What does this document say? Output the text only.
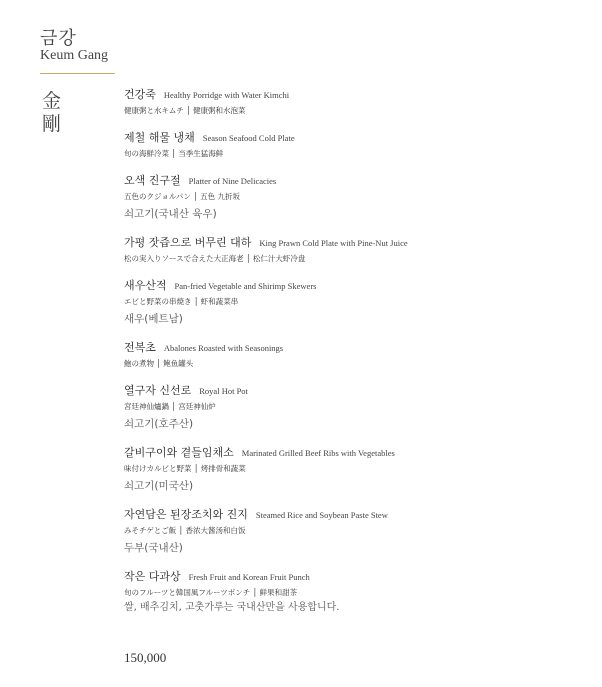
금강
Keum Gang
金剛
건강죽 Healthy Porridge with Water Kimchi
健康粥と水キムチ │ 健康粥和水泡菜
제철 해물 냉채 Season Seafood Cold Plate
旬の海鮮冷菜 │ 当季生猛海鲜
오색 진구절 Platter of Nine Delicacies
五色のクジョルパン │ 五色 九折坂
쇠고기(국내산 육우)
가평 잣즙으로 버무린 대하 King Prawn Cold Plate with Pine-Nut Juice
松の実入りソースで合えた大正海老 │ 松仁汁大虾冷盘
새우산적 Pan-fried Vegetable and Shirimp Skewers
エビと野菜の串焼き │ 虾和蔬菜串
새우(베트남)
전복초 Abalones Roasted with Seasonings
鮑の煮物 │ 鲍鱼罐头
열구자 신선로 Royal Hot Pot
宮廷神仙爐鍋 │ 宫廷神仙炉
쇠고기(호주산)
갈비구이와 곁들임채소 Marinated Grilled Beef Ribs with Vegetables
味付けカルビと野菜 │ 烤排骨和蔬菜
쇠고기(미국산)
자연담은 된장조치와 진지 Steamed Rice and Soybean Paste Stew
みそチゲとご飯 │ 香浓大酱汤和白饭
두부(국내산)
작은 다과상 Fresh Fruit and Korean Fruit Punch
旬のフルーツと韓国風フルーツポンチ │ 鲜果和甜茶
쌀, 배추김치, 고춧가루는 국내산만을 사용합니다.
150,000
